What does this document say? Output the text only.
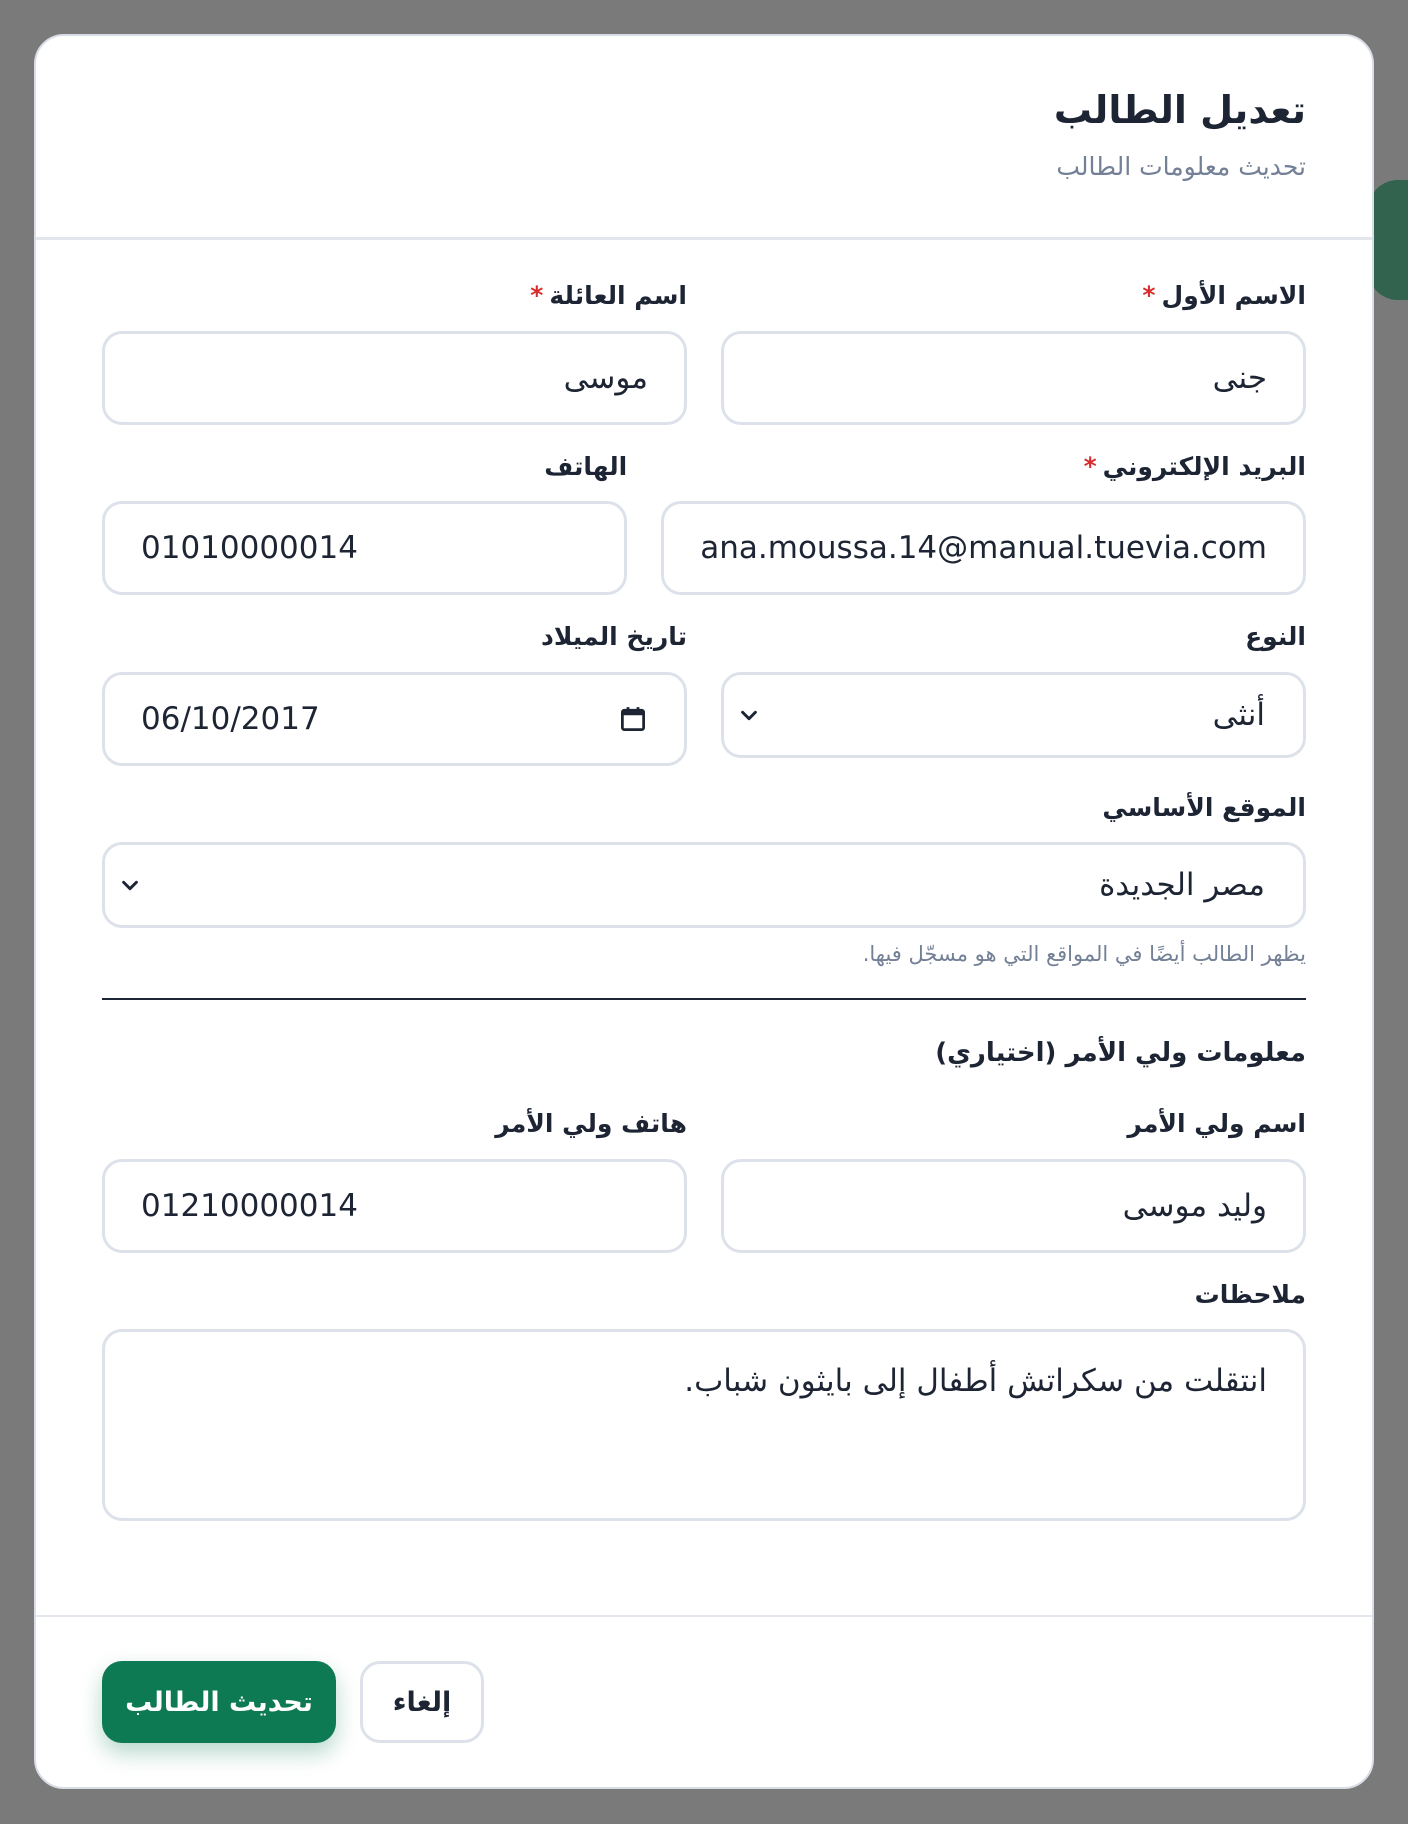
تعديل الطالب
تحديث معلومات الطالب
الاسم الأول*
جنى
اسم العائلة*
موسى
البريد الإلكتروني*
ana.moussa.14@manual.tuevia.com
الهاتف
01010000014
النوع
أنثى
تاريخ الميلاد
06/10/2017
الموقع الأساسي
مصر الجديدة
يظهر الطالب أيضًا في المواقع التي هو مسجّل فيها.
معلومات ولي الأمر (اختياري)
اسم ولي الأمر
وليد موسى
هاتف ولي الأمر
01210000014
ملاحظات
انتقلت من سكراتش أطفال إلى بايثون شباب.
تحديث الطالب	إلغاء
